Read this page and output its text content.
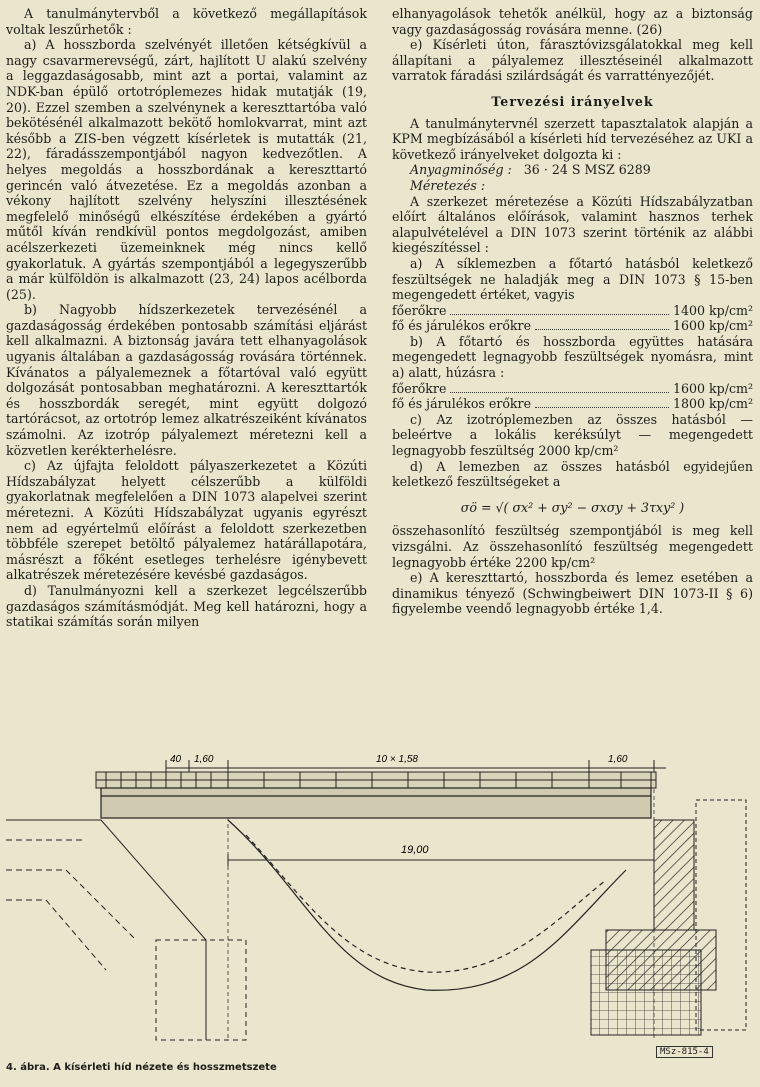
A tanulmánytervből a következő megállapítások voltak leszűrhetők :

a) A hosszborda szelvényét illetően kétségkívül a nagy csavarmerevségű, zárt, hajlított U alakú szelvény a leggazdaságosabb, mint azt a portai, valamint az NDK-ban épülő ortotróplemezes hidak mutatják (19, 20). Ezzel szemben a szelvénynek a kereszttartóba való bekötésénél alkalmazott bekötő homlokvarrat, mint azt később a ZIS-ben végzett kísérletek is mutatták (21, 22), fáradásszempontjából nagyon kedvezőtlen. A helyes megoldás a hosszbordának a kereszttartó gerincén való átvezetése. Ez a megoldás azonban a vékony hajlított szelvény helyszíni illesztésének megfelelő minőségű elkészítése érdekében a gyártó műtől kíván rendkívül pontos megdolgozást, amiben acélszerkezeti üzemeinknek még nincs kellő gyakorlatuk. A gyártás szempontjából a legegyszerűbb a már külföldön is alkalmazott (23, 24) lapos acélborda (25).

b) Nagyobb hídszerkezetek tervezésénél a gazdaságosság érdekében pontosabb számítási eljárást kell alkalmazni. A biztonság javára tett elhanyagolások ugyanis általában a gazdaságosság rovására történnek. Kívánatos a pályalemeznek a főtartóval való együtt dolgozását pontosabban meghatározni. A kereszttartók és hosszbordák seregét, mint együtt dolgozó tartórácsot, az ortotróp lemez alkatrészeiként kívánatos számolni. Az izotróp pályalemezt méretezni kell a közvetlen kerékterhelésre.

c) Az újfajta feloldott pályaszerkezetet a Közúti Hídszabályzat helyett célszerűbb a külföldi gyakorlatnak megfelelően a DIN 1073 alapelvei szerint méretezni. A Közúti Hídszabályzat ugyanis egyrészt nem ad egyértelmű előírást a feloldott szerkezetben többféle szerepet betöltő pályalemez határállapotára, másrészt a főként esetleges terhelésre igénybevett alkatrészek méretezésére kevésbé gazdaságos.

d) Tanulmányozni kell a szerkezet legcélszerűbb gazdaságos számításmódját. Meg kell határozni, hogy a statikai számítás során milyen

elhanyagolások tehetők anélkül, hogy az a biztonság vagy gazdaságosság rovására menne. (26)

e) Kísérleti úton, fárasztóvizsgálatokkal meg kell állapítani a pályalemez illesztéseinél alkalmazott varratok fáradási szilárdságát és varrattényezőjét.

Tervezési irányelvek

A tanulmánytervnél szerzett tapasztalatok alapján a KPM megbízásából a kísérleti híd tervezéséhez az UKI a következő irányelveket dolgozta ki :

Anyagminőség : 36 · 24 S MSZ 6289

Méretezés :

A szerkezet méretezése a Közúti Hídszabályzatban előírt általános előírások, valamint hasznos terhek alapulvételével a DIN 1073 szerint történik az alábbi kiegészítéssel :

a) A síklemezben a főtartó hatásból keletkező feszültségek ne haladják meg a DIN 1073 § 15-ben megengedett értéket, vagyis

főerőkre	1400 kp/cm²
fő és járulékos erőkre	1600 kp/cm²

b) A főtartó és hosszborda együttes hatására megengedett legnagyobb feszültségek nyomásra, mint a) alatt, húzásra :

főerőkre	1600 kp/cm²
fő és járulékos erőkre	1800 kp/cm²

c) Az izotróplemezben az összes hatásból — beleértve a lokális keréksúlyt — megengedett legnagyobb feszültség 2000 kp/cm²

d) A lemezben az összes hatásból egyidejűen keletkező feszültségeket a

σö = √( σx² + σy² − σxσy + 3τxy² )

összehasonlító feszültség szempontjából is meg kell vizsgálni. Az összehasonlító feszültség megengedett legnagyobb értéke 2200 kp/cm²

e) A kereszttartó, hosszborda és lemez esetében a dinamikus tényező (Schwingbeiwert DIN 1073-II § 6) figyelembe veendő legnagyobb értéke 1,4.

40 1,60	10 × 1,58	1,60
19,00
MSz-815-4
4. ábra. A kísérleti híd nézete és hosszmetszete
